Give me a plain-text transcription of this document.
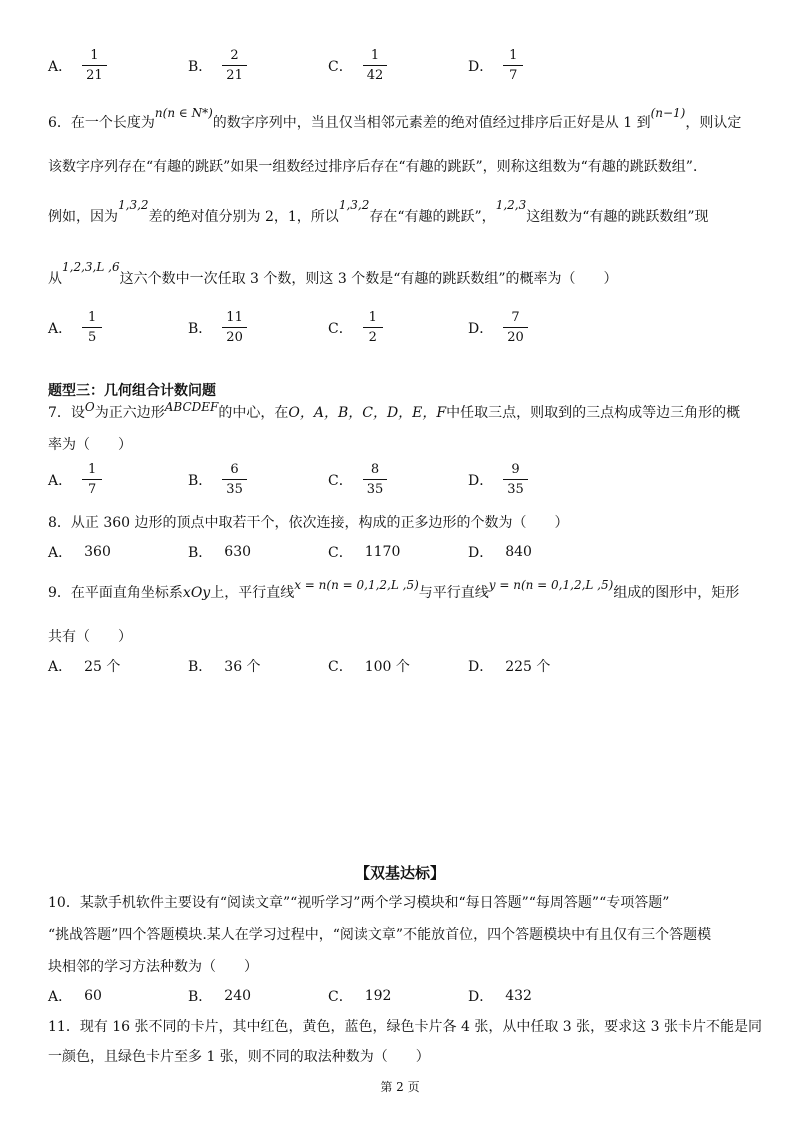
A． $\frac{1}{21}$	B． $\frac{2}{21}$	C． $\frac{1}{42}$	D． $\frac{1}{7}$
6．在一个长度为n(n ∈ N*)的数字序列中，当且仅当相邻元素差的绝对值经过排序后正好是从 1 到(n−1)，则认定
该数字序列存在“有趣的跳跃”如果一组数经过排序后存在“有趣的跳跃”，则称这组数为“有趣的跳跃数组”．
例如，因为1,3,2差的绝对值分别为 2，1，所以1,3,2存在“有趣的跳跃”，1,2,3这组数为“有趣的跳跃数组”现
从1,2,3,L ,6这六个数中一次任取 3 个数，则这 3 个数是“有趣的跳跃数组”的概率为（　　）
A． $\frac{1}{5}$	B． $\frac{11}{20}$	C． $\frac{1}{2}$	D． $\frac{7}{20}$
题型三：几何组合计数问题
7．设O为正六边形ABCDEF的中心，在O，A，B，C，D，E，F中任取三点，则取到的三点构成等边三角形的概
率为（　　）
A． $\frac{1}{7}$	B． $\frac{6}{35}$	C． $\frac{8}{35}$	D． $\frac{9}{35}$
8．从正 360 边形的顶点中取若干个，依次连接，构成的正多边形的个数为（　　）
A． 360	B． 630	C． 1170	D． 840
9．在平面直角坐标系xOy上，平行直线x = n(n = 0,1,2,L ,5)与平行直线y = n(n = 0,1,2,L ,5)组成的图形中，矩形
共有（　　）
A． 25 个	B． 36 个	C． 100 个	D． 225 个
【双基达标】
10．某款手机软件主要设有“阅读文章”“视听学习”两个学习模块和“每日答题”“每周答题”“专项答题”
“挑战答题”四个答题模块.某人在学习过程中，“阅读文章”不能放首位，四个答题模块中有且仅有三个答题模
块相邻的学习方法种数为（　　）
A． 60	B． 240	C． 192	D． 432
11．现有 16 张不同的卡片，其中红色，黄色，蓝色，绿色卡片各 4 张，从中任取 3 张，要求这 3 张卡片不能是同
一颜色，且绿色卡片至多 1 张，则不同的取法种数为（　　）
第 2 页
